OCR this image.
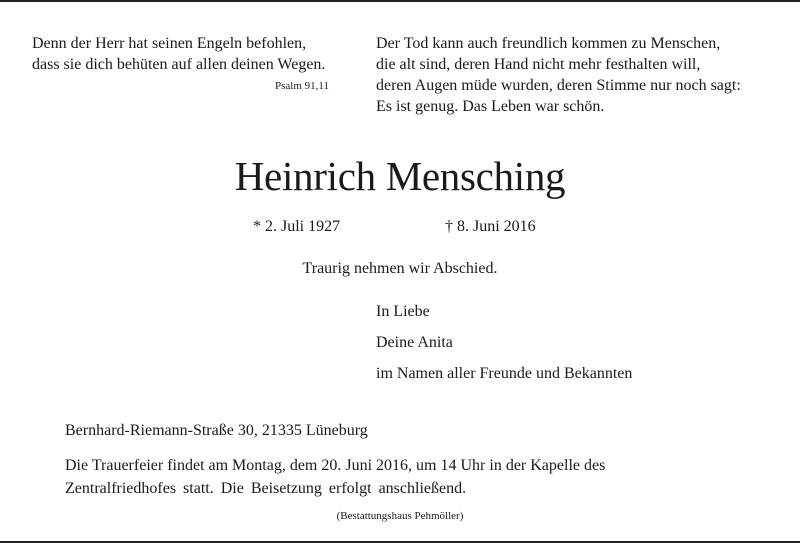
Denn der Herr hat seinen Engeln befohlen,
dass sie dich behüten auf allen deinen Wegen.
Psalm 91,11
Der Tod kann auch freundlich kommen zu Menschen,
die alt sind, deren Hand nicht mehr festhalten will,
deren Augen müde wurden, deren Stimme nur noch sagt:
Es ist genug. Das Leben war schön.
Heinrich Mensching
* 2. Juli 1927	† 8. Juni 2016
Traurig nehmen wir Abschied.
In Liebe
Deine Anita
im Namen aller Freunde und Bekannten
Bernhard-Riemann-Straße 30, 21335 Lüneburg
Die Trauerfeier findet am Montag, dem 20. Juni 2016, um 14 Uhr in der Kapelle des
Zentralfriedhofes statt. Die Beisetzung erfolgt anschließend.
(Bestattungshaus Pehmöller)
